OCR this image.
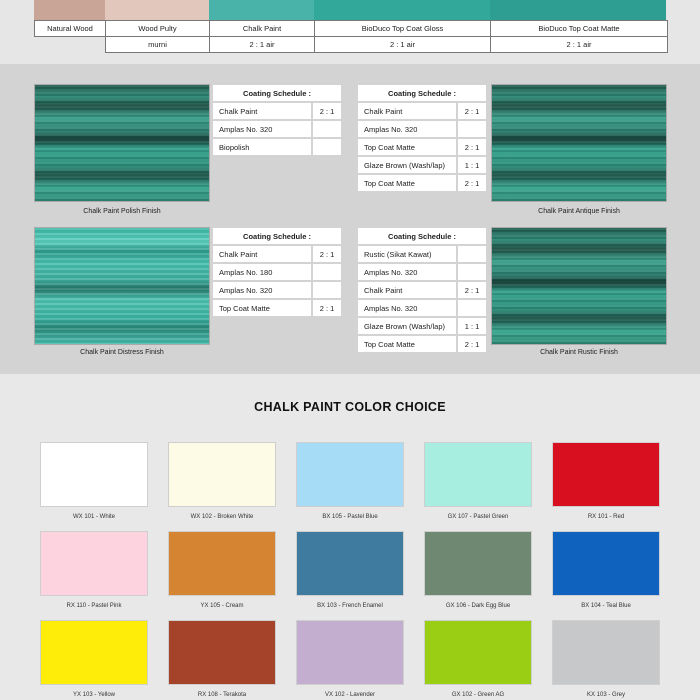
Natural Wood	Wood Pulty	Chalk Paint	BioDuco Top Coat Gloss	BioDuco Top Coat Matte
	murni	2 : 1 air	2 : 1 air	2 : 1 air
Chalk Paint Polish Finish
Coating Schedule :	
Chalk Paint	2 : 1
Amplas No. 320	
Biopolish	
Coating Schedule :	
Chalk Paint	2 : 1
Amplas No. 320	
Top Coat Matte	2 : 1
Glaze Brown (Wash/lap)	1 : 1
Top Coat Matte	2 : 1
Chalk Paint Antique Finish
Chalk Paint Distress Finish
Coating Schedule :	
Chalk Paint	2 : 1
Amplas No. 180	
Amplas No. 320	
Top Coat Matte	2 : 1
Coating Schedule :	
Rustic (Sikat Kawat)	
Amplas No. 320	
Chalk Paint	2 : 1
Amplas No. 320	
Glaze Brown (Wash/lap)	1 : 1
Top Coat Matte	2 : 1
Chalk Paint Rustic Finish
CHALK PAINT COLOR CHOICE
WX 101 - White	WX 102 - Broken White	BX 105 - Pastel Blue	GX 107 - Pastel Green	RX 101 - Red
RX 110 - Pastel Pink	YX 105 - Cream	BX 103 - French Enamel	GX 106 - Dark Egg Blue	BX 104 - Teal Blue
YX 103 - Yellow	RX 108 - Terakota	VX 102 - Lavender	GX 102 - Green AG	KX 103 - Grey
